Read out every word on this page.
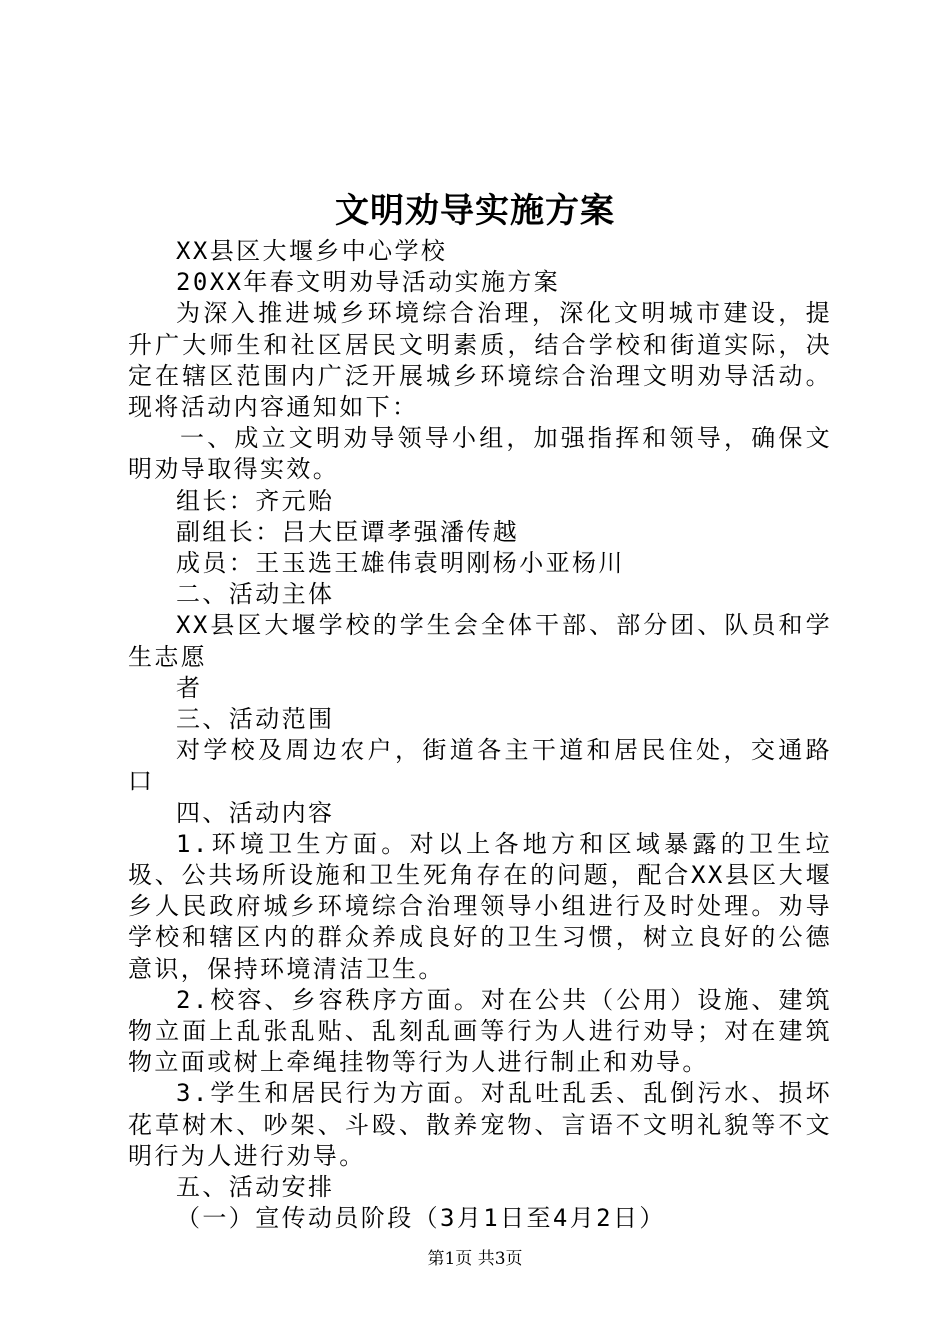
文明劝导实施方案

XX县区大堰乡中心学校

20XX年春文明劝导活动实施方案

为深入推进城乡环境综合治理，深化文明城市建设，提升广大师生和社区居民文明素质，结合学校和街道实际，决定在辖区范围内广泛开展城乡环境综合治理文明劝导活动。现将活动内容通知如下：

一、成立文明劝导领导小组，加强指挥和领导，确保文明劝导取得实效。

组长：齐元贻

副组长：吕大臣谭孝强潘传越

成员：王玉选王雄伟袁明刚杨小亚杨川

二、活动主体

XX县区大堰学校的学生会全体干部、部分团、队员和学生志愿

者

三、活动范围

对学校及周边农户，街道各主干道和居民住处，交通路口

四、活动内容

1.环境卫生方面。对以上各地方和区域暴露的卫生垃圾、公共场所设施和卫生死角存在的问题，配合XX县区大堰乡人民政府城乡环境综合治理领导小组进行及时处理。劝导学校和辖区内的群众养成良好的卫生习惯，树立良好的公德意识，保持环境清洁卫生。

2.校容、乡容秩序方面。对在公共（公用）设施、建筑物立面上乱张乱贴、乱刻乱画等行为人进行劝导；对在建筑物立面或树上牵绳挂物等行为人进行制止和劝导。

3.学生和居民行为方面。对乱吐乱丢、乱倒污水、损坏花草树木、吵架、斗殴、散养宠物、言语不文明礼貌等不文明行为人进行劝导。

五、活动安排

（一）宣传动员阶段（3月1日至4月2日）

第1页 共3页
